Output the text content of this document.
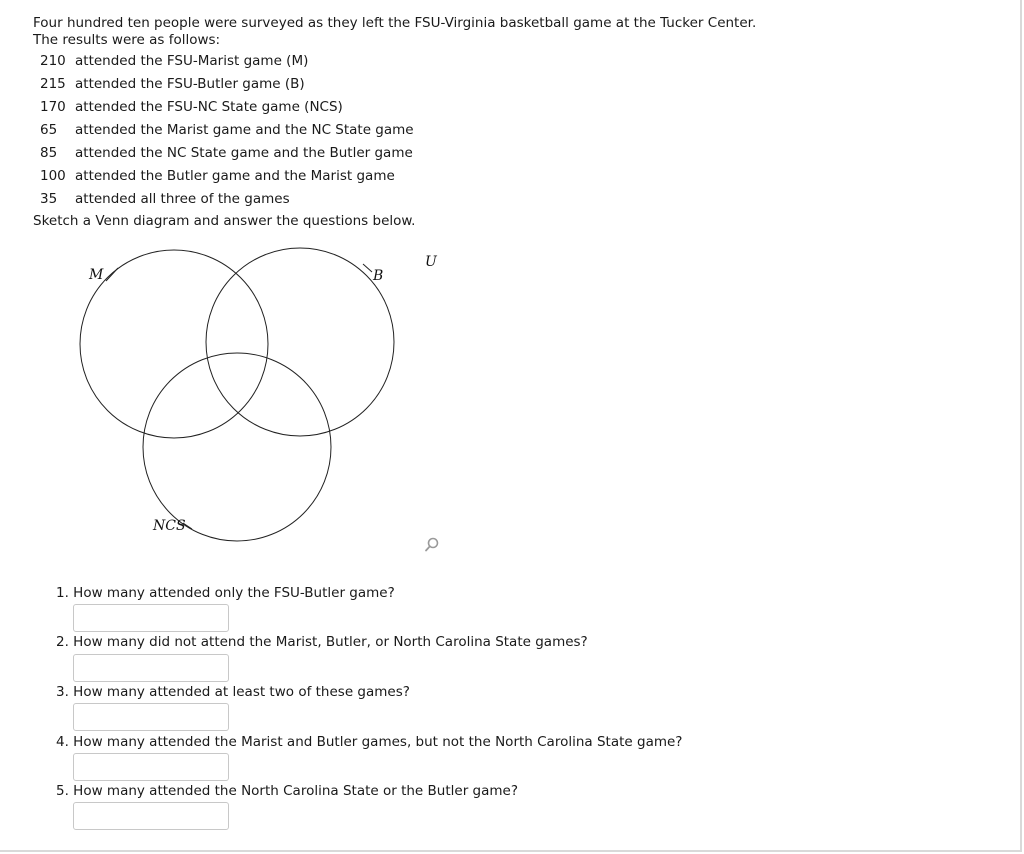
Four hundred ten people were surveyed as they left the FSU-Virginia basketball game at the Tucker Center.

The results were as follows:

210 attended the FSU-Marist game (M)
215 attended the FSU-Butler game (B)
170 attended the FSU-NC State game (NCS)
65	attended the Marist game and the NC State game
85	attended the NC State game and the Butler game
100 attended the Butler game and the Marist game
35	attended all three of the games
Sketch a Venn diagram and answer the questions below.
M	B
NCS
U
1. How many attended only the FSU-Butler game?
2. How many did not attend the Marist, Butler, or North Carolina State games?
3. How many attended at least two of these games?
4. How many attended the Marist and Butler games, but not the North Carolina State game?
5. How many attended the North Carolina State or the Butler game?
